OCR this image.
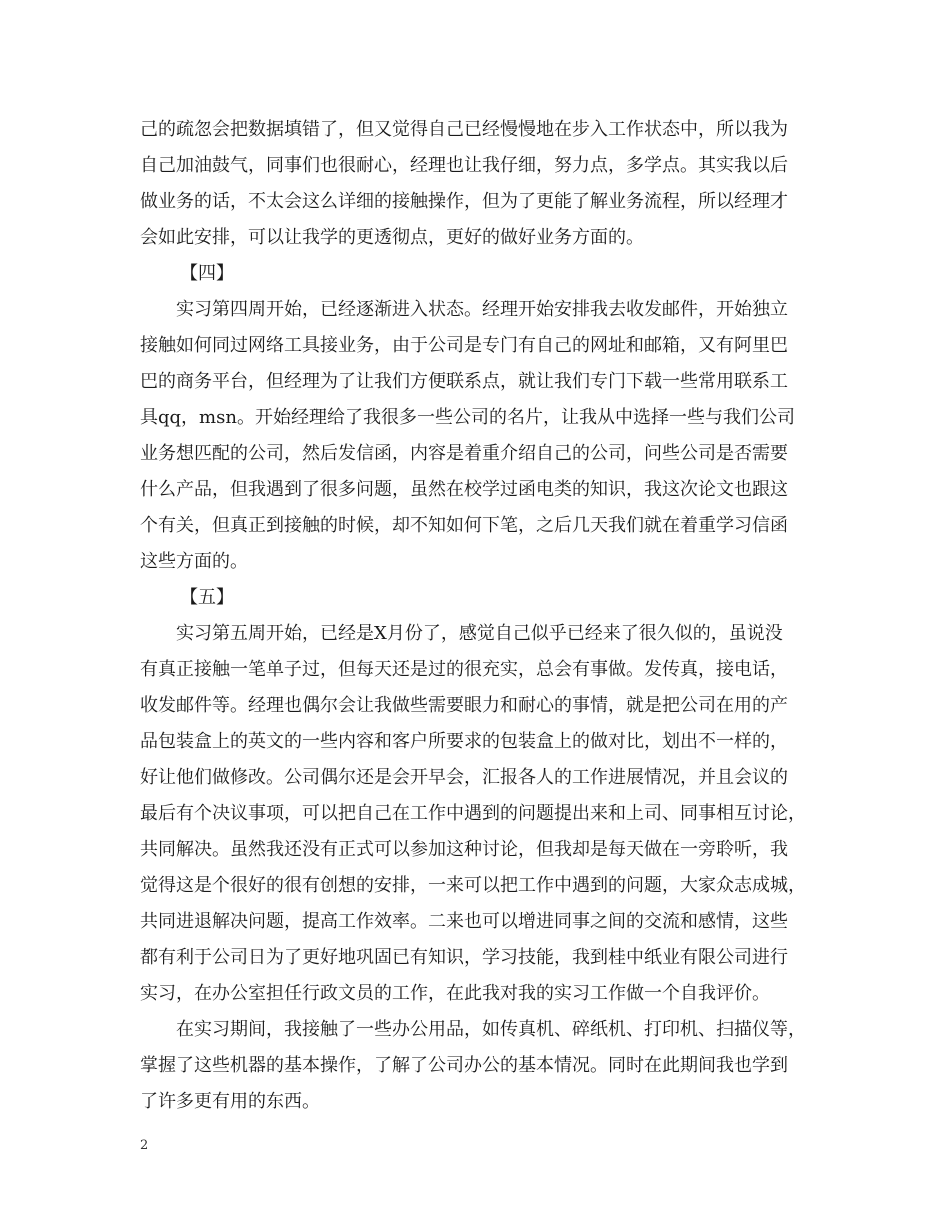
己的疏忽会把数据填错了，但又觉得自己已经慢慢地在步入工作状态中，所以我为
自己加油鼓气，同事们也很耐心，经理也让我仔细，努力点，多学点。其实我以后
做业务的话，不太会这么详细的接触操作，但为了更能了解业务流程，所以经理才
会如此安排，可以让我学的更透彻点，更好的做好业务方面的。
【四】
实习第四周开始，已经逐渐进入状态。经理开始安排我去收发邮件，开始独立
接触如何同过网络工具接业务，由于公司是专门有自己的网址和邮箱，又有阿里巴
巴的商务平台，但经理为了让我们方便联系点，就让我们专门下载一些常用联系工
具qq，msn。开始经理给了我很多一些公司的名片，让我从中选择一些与我们公司
业务想匹配的公司，然后发信函，内容是着重介绍自己的公司，问些公司是否需要
什么产品，但我遇到了很多问题，虽然在校学过函电类的知识，我这次论文也跟这
个有关，但真正到接触的时候，却不知如何下笔，之后几天我们就在着重学习信函
这些方面的。
【五】
实习第五周开始，已经是X月份了，感觉自己似乎已经来了很久似的，虽说没
有真正接触一笔单子过，但每天还是过的很充实，总会有事做。发传真，接电话，
收发邮件等。经理也偶尔会让我做些需要眼力和耐心的事情，就是把公司在用的产
品包装盒上的英文的一些内容和客户所要求的包装盒上的做对比，划出不一样的，
好让他们做修改。公司偶尔还是会开早会，汇报各人的工作进展情况，并且会议的
最后有个决议事项，可以把自己在工作中遇到的问题提出来和上司、同事相互讨论，
共同解决。虽然我还没有正式可以参加这种讨论，但我却是每天做在一旁聆听，我
觉得这是个很好的很有创想的安排，一来可以把工作中遇到的问题，大家众志成城，
共同进退解决问题，提高工作效率。二来也可以增进同事之间的交流和感情，这些
都有利于公司日为了更好地巩固已有知识，学习技能，我到桂中纸业有限公司进行
实习，在办公室担任行政文员的工作，在此我对我的实习工作做一个自我评价。
在实习期间，我接触了一些办公用品，如传真机、碎纸机、打印机、扫描仪等，
掌握了这些机器的基本操作，了解了公司办公的基本情况。同时在此期间我也学到
了许多更有用的东西。
2
